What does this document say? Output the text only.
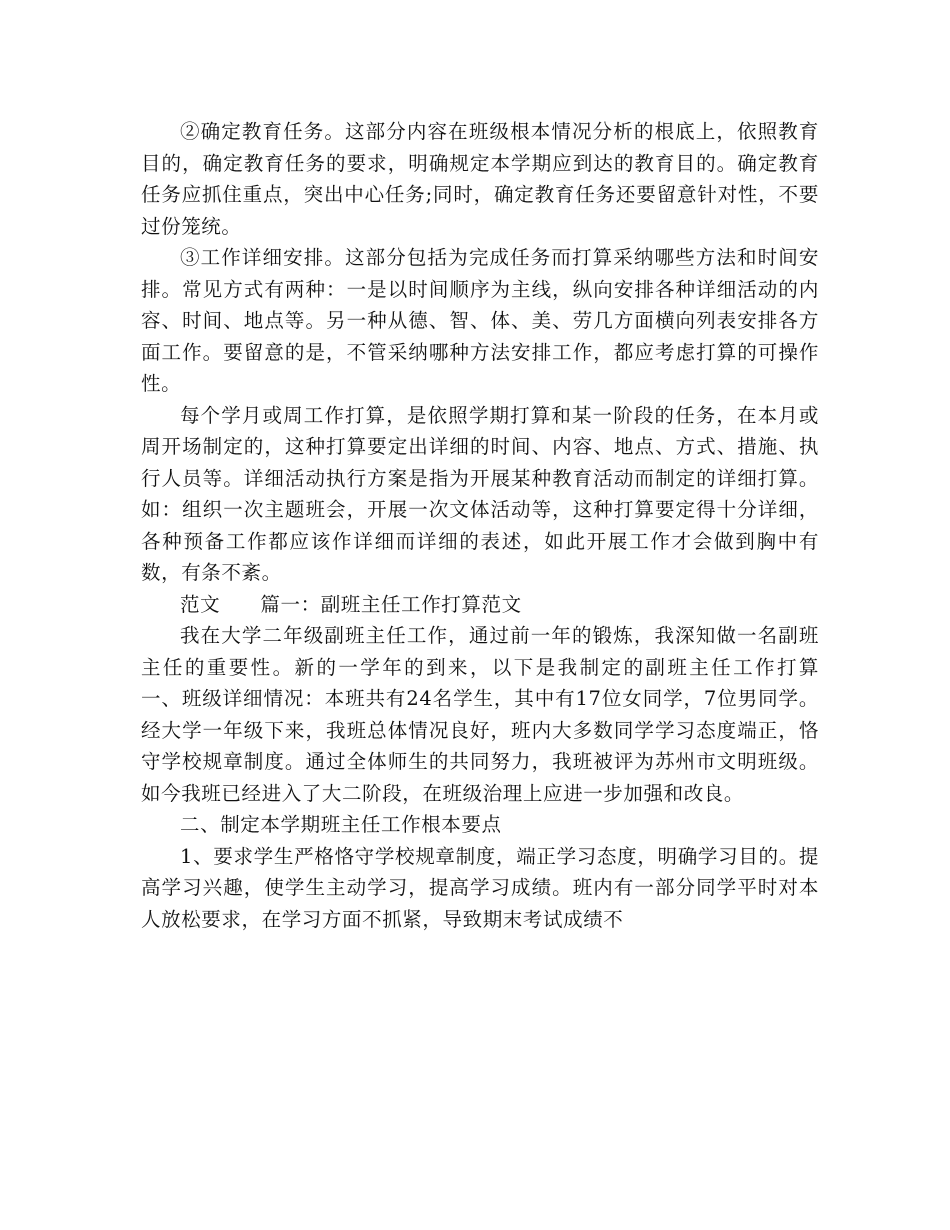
②确定教育任务。这部分内容在班级根本情况分析的根底上，依照教育目的，确定教育任务的要求，明确规定本学期应到达的教育目的。确定教育任务应抓住重点，突出中心任务;同时，确定教育任务还要留意针对性，不要过份笼统。

③工作详细安排。这部分包括为完成任务而打算采纳哪些方法和时间安排。常见方式有两种：一是以时间顺序为主线，纵向安排各种详细活动的内容、时间、地点等。另一种从德、智、体、美、劳几方面横向列表安排各方面工作。要留意的是，不管采纳哪种方法安排工作，都应考虑打算的可操作性。

每个学月或周工作打算，是依照学期打算和某一阶段的任务，在本月或周开场制定的，这种打算要定出详细的时间、内容、地点、方式、措施、执行人员等。详细活动执行方案是指为开展某种教育活动而制定的详细打算。如：组织一次主题班会，开展一次文体活动等，这种打算要定得十分详细，各种预备工作都应该作详细而详细的表述，如此开展工作才会做到胸中有数，有条不紊。

范文　　篇一：副班主任工作打算范文

我在大学二年级副班主任工作，通过前一年的锻炼，我深知做一名副班主任的重要性。新的一学年的到来，以下是我制定的副班主任工作打算　　一、班级详细情况：本班共有24名学生，其中有17位女同学，7位男同学。经大学一年级下来，我班总体情况良好，班内大多数同学学习态度端正，恪守学校规章制度。通过全体师生的共同努力，我班被评为苏州市文明班级。如今我班已经进入了大二阶段，在班级治理上应进一步加强和改良。

二、制定本学期班主任工作根本要点

1、要求学生严格恪守学校规章制度，端正学习态度，明确学习目的。提高学习兴趣，使学生主动学习，提高学习成绩。班内有一部分同学平时对本人放松要求，在学习方面不抓紧，导致期末考试成绩不
